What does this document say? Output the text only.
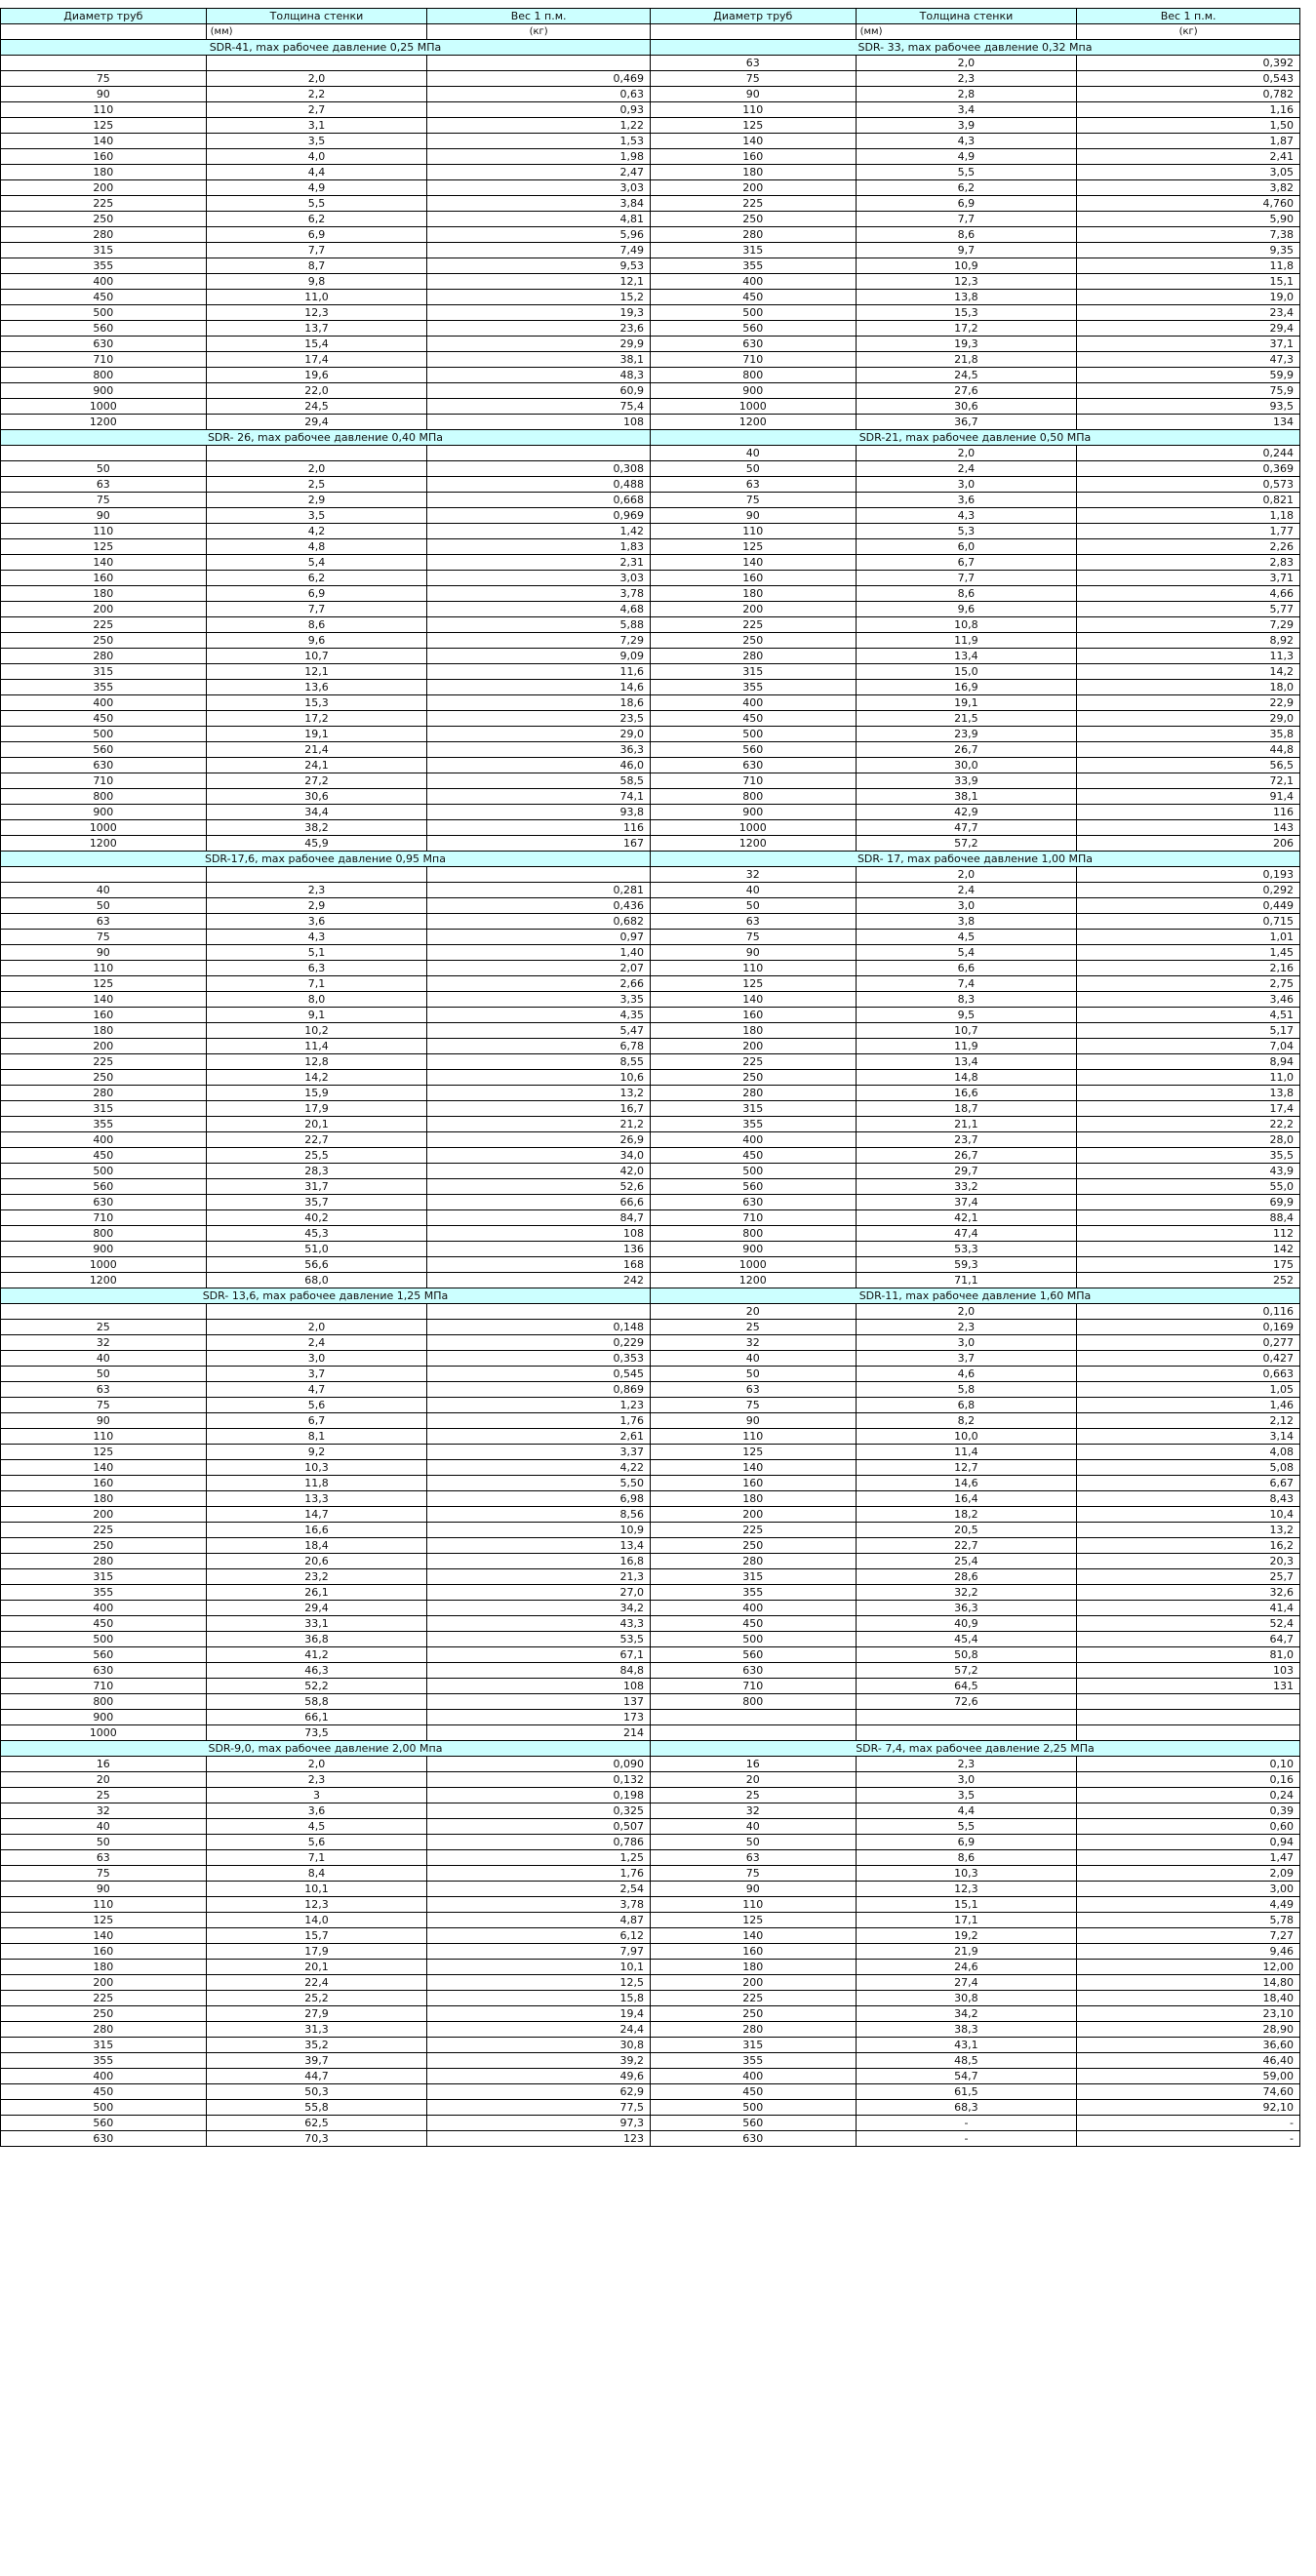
Диаметр труб	Толщина стенки	Вес 1 п.м.	Диаметр труб	Толщина стенки	Вес 1 п.м.
	(мм)	(кг)		(мм)	(кг)
SDR-41, max рабочее давление 0,25 МПа			SDR- 33, max рабочее давление 0,32 Mпа		
			63	2,0	0,392
75	2,0	0,469	75	2,3	0,543
90	2,2	0,63	90	2,8	0,782
110	2,7	0,93	110	3,4	1,16
125	3,1	1,22	125	3,9	1,50
140	3,5	1,53	140	4,3	1,87
160	4,0	1,98	160	4,9	2,41
180	4,4	2,47	180	5,5	3,05
200	4,9	3,03	200	6,2	3,82
225	5,5	3,84	225	6,9	4,760
250	6,2	4,81	250	7,7	5,90
280	6,9	5,96	280	8,6	7,38
315	7,7	7,49	315	9,7	9,35
355	8,7	9,53	355	10,9	11,8
400	9,8	12,1	400	12,3	15,1
450	11,0	15,2	450	13,8	19,0
500	12,3	19,3	500	15,3	23,4
560	13,7	23,6	560	17,2	29,4
630	15,4	29,9	630	19,3	37,1
710	17,4	38,1	710	21,8	47,3
800	19,6	48,3	800	24,5	59,9
900	22,0	60,9	900	27,6	75,9
1000	24,5	75,4	1000	30,6	93,5
1200	29,4	108	1200	36,7	134
SDR- 26, max рабочее давление 0,40 МПа			SDR-21, max рабочее давление 0,50 МПа		
			40	2,0	0,244
50	2,0	0,308	50	2,4	0,369
63	2,5	0,488	63	3,0	0,573
75	2,9	0,668	75	3,6	0,821
90	3,5	0,969	90	4,3	1,18
110	4,2	1,42	110	5,3	1,77
125	4,8	1,83	125	6,0	2,26
140	5,4	2,31	140	6,7	2,83
160	6,2	3,03	160	7,7	3,71
180	6,9	3,78	180	8,6	4,66
200	7,7	4,68	200	9,6	5,77
225	8,6	5,88	225	10,8	7,29
250	9,6	7,29	250	11,9	8,92
280	10,7	9,09	280	13,4	11,3
315	12,1	11,6	315	15,0	14,2
355	13,6	14,6	355	16,9	18,0
400	15,3	18,6	400	19,1	22,9
450	17,2	23,5	450	21,5	29,0
500	19,1	29,0	500	23,9	35,8
560	21,4	36,3	560	26,7	44,8
630	24,1	46,0	630	30,0	56,5
710	27,2	58,5	710	33,9	72,1
800	30,6	74,1	800	38,1	91,4
900	34,4	93,8	900	42,9	116
1000	38,2	116	1000	47,7	143
1200	45,9	167	1200	57,2	206
SDR-17,6, max рабочее давление 0,95 Mпа			SDR- 17, max рабочее давление 1,00 МПа		
			32	2,0	0,193
40	2,3	0,281	40	2,4	0,292
50	2,9	0,436	50	3,0	0,449
63	3,6	0,682	63	3,8	0,715
75	4,3	0,97	75	4,5	1,01
90	5,1	1,40	90	5,4	1,45
110	6,3	2,07	110	6,6	2,16
125	7,1	2,66	125	7,4	2,75
140	8,0	3,35	140	8,3	3,46
160	9,1	4,35	160	9,5	4,51
180	10,2	5,47	180	10,7	5,17
200	11,4	6,78	200	11,9	7,04
225	12,8	8,55	225	13,4	8,94
250	14,2	10,6	250	14,8	11,0
280	15,9	13,2	280	16,6	13,8
315	17,9	16,7	315	18,7	17,4
355	20,1	21,2	355	21,1	22,2
400	22,7	26,9	400	23,7	28,0
450	25,5	34,0	450	26,7	35,5
500	28,3	42,0	500	29,7	43,9
560	31,7	52,6	560	33,2	55,0
630	35,7	66,6	630	37,4	69,9
710	40,2	84,7	710	42,1	88,4
800	45,3	108	800	47,4	112
900	51,0	136	900	53,3	142
1000	56,6	168	1000	59,3	175
1200	68,0	242	1200	71,1	252
SDR- 13,6, max рабочее давление 1,25 МПа			SDR-11, max рабочее давление 1,60 МПа		
			20	2,0	0,116
25	2,0	0,148	25	2,3	0,169
32	2,4	0,229	32	3,0	0,277
40	3,0	0,353	40	3,7	0,427
50	3,7	0,545	50	4,6	0,663
63	4,7	0,869	63	5,8	1,05
75	5,6	1,23	75	6,8	1,46
90	6,7	1,76	90	8,2	2,12
110	8,1	2,61	110	10,0	3,14
125	9,2	3,37	125	11,4	4,08
140	10,3	4,22	140	12,7	5,08
160	11,8	5,50	160	14,6	6,67
180	13,3	6,98	180	16,4	8,43
200	14,7	8,56	200	18,2	10,4
225	16,6	10,9	225	20,5	13,2
250	18,4	13,4	250	22,7	16,2
280	20,6	16,8	280	25,4	20,3
315	23,2	21,3	315	28,6	25,7
355	26,1	27,0	355	32,2	32,6
400	29,4	34,2	400	36,3	41,4
450	33,1	43,3	450	40,9	52,4
500	36,8	53,5	500	45,4	64,7
560	41,2	67,1	560	50,8	81,0
630	46,3	84,8	630	57,2	103
710	52,2	108	710	64,5	131
800	58,8	137	800	72,6	
900	66,1	173			
1000	73,5	214			
SDR-9,0, max рабочее давление 2,00 Мпа			SDR- 7,4, max рабочее давление 2,25 МПа		
16	2,0	0,090	16	2,3	0,10
20	2,3	0,132	20	3,0	0,16
25	3	0,198	25	3,5	0,24
32	3,6	0,325	32	4,4	0,39
40	4,5	0,507	40	5,5	0,60
50	5,6	0,786	50	6,9	0,94
63	7,1	1,25	63	8,6	1,47
75	8,4	1,76	75	10,3	2,09
90	10,1	2,54	90	12,3	3,00
110	12,3	3,78	110	15,1	4,49
125	14,0	4,87	125	17,1	5,78
140	15,7	6,12	140	19,2	7,27
160	17,9	7,97	160	21,9	9,46
180	20,1	10,1	180	24,6	12,00
200	22,4	12,5	200	27,4	14,80
225	25,2	15,8	225	30,8	18,40
250	27,9	19,4	250	34,2	23,10
280	31,3	24,4	280	38,3	28,90
315	35,2	30,8	315	43,1	36,60
355	39,7	39,2	355	48,5	46,40
400	44,7	49,6	400	54,7	59,00
450	50,3	62,9	450	61,5	74,60
500	55,8	77,5	500	68,3	92,10
560	62,5	97,3	560	-	-
630	70,3	123	630	-	-
